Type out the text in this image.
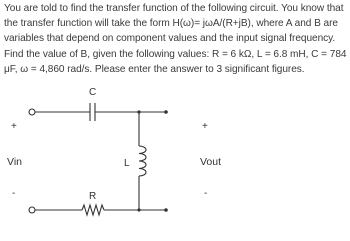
You are told to find the transfer function of the following circuit. You know that the transfer function will take the form H(ω)= jωA/(R+jB), where A and B are variables that depend on component values and the input signal frequency. Find the value of B, given the following values: R = 6 kΩ, L = 6.8 mH, C = 784 μF, ω = 4,860 rad/s. Please enter the answer to 3 significant figures.

C
L
R
Vin	Vout
+
-
+
-
